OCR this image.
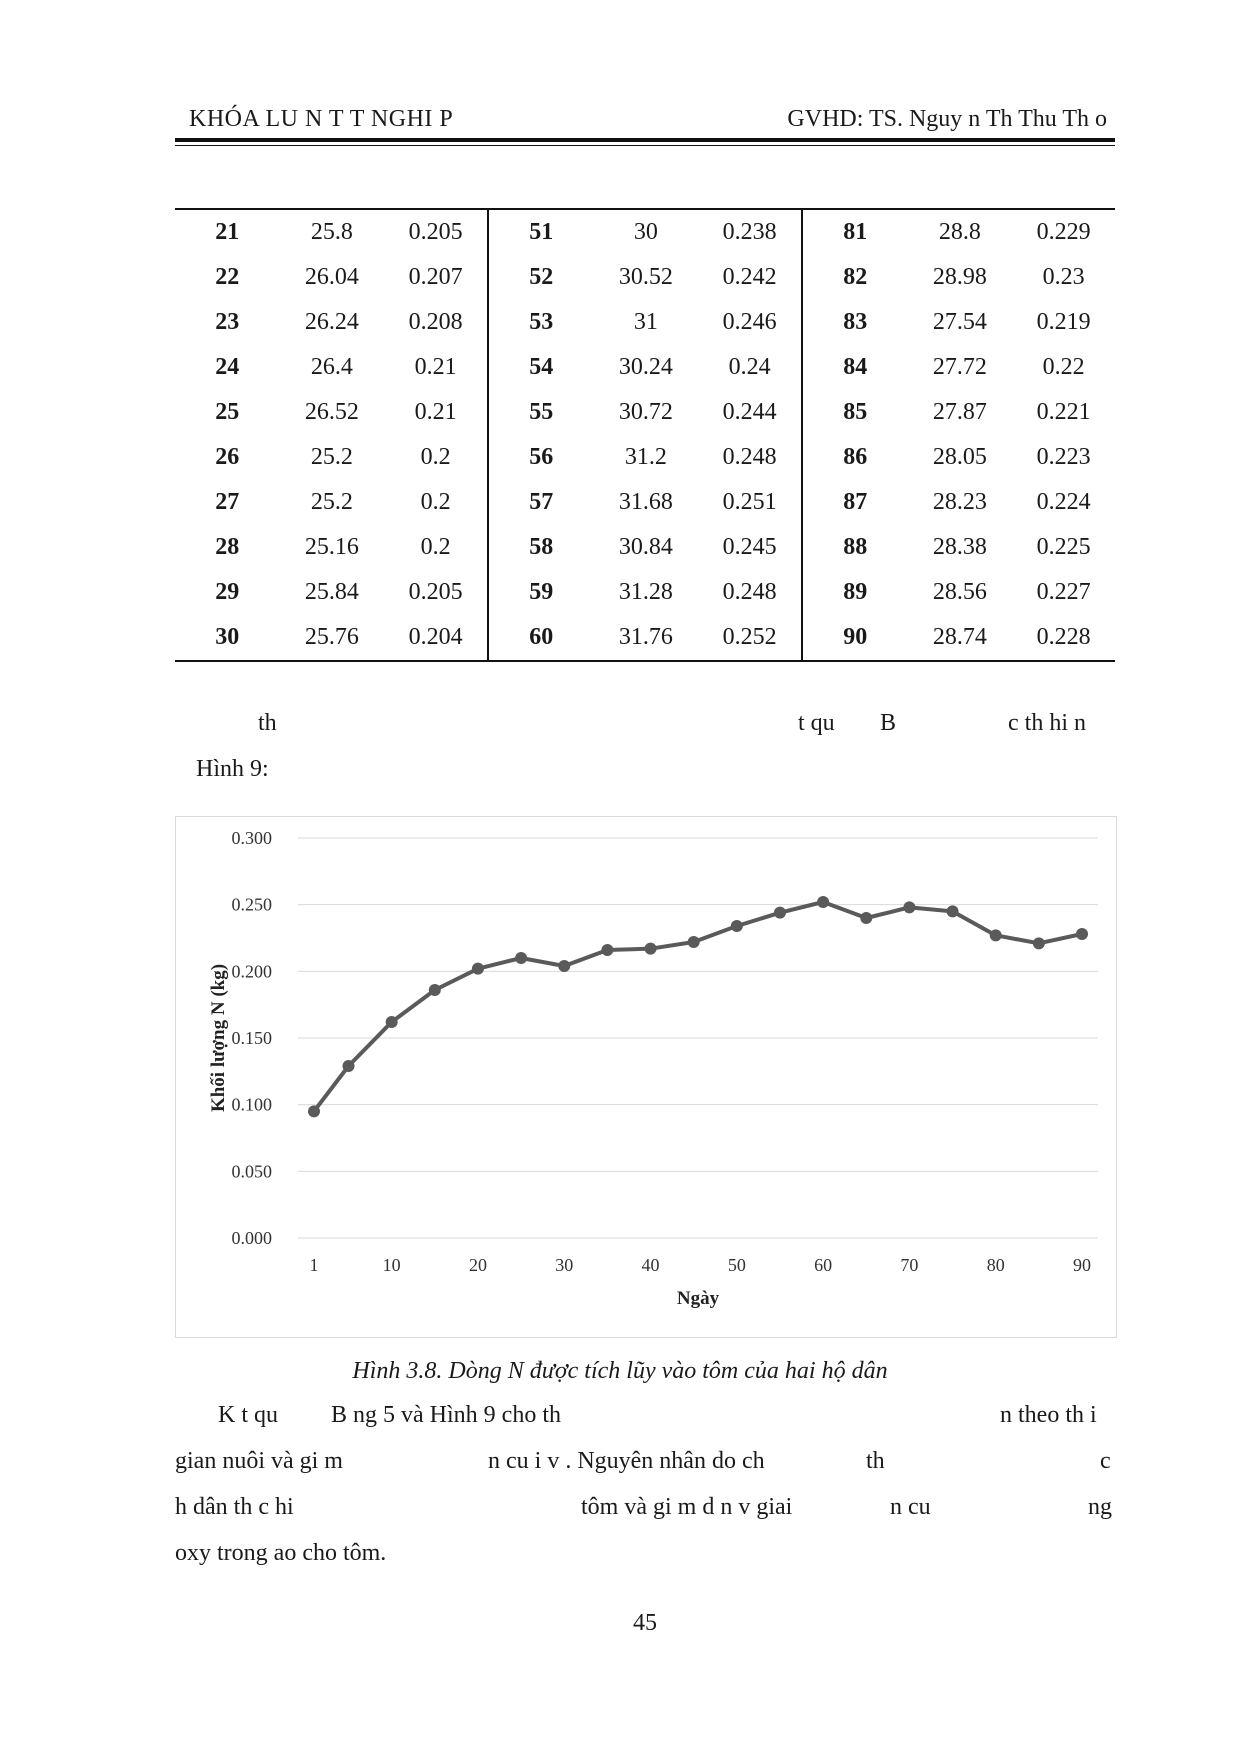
KHÓA LU N T T NGHI P	GVHD: TS. Nguy n Th Thu Th o
21	25.8	0.205	51	30	0.238	81	28.8	0.229
22	26.04	0.207	52	30.52	0.242	82	28.98	0.23
23	26.24	0.208	53	31	0.246	83	27.54	0.219
24	26.4	0.21	54	30.24	0.24	84	27.72	0.22
25	26.52	0.21	55	30.72	0.244	85	27.87	0.221
26	25.2	0.2	56	31.2	0.248	86	28.05	0.223
27	25.2	0.2	57	31.68	0.251	87	28.23	0.224
28	25.16	0.2	58	30.84	0.245	88	28.38	0.225
29	25.84	0.205	59	31.28	0.248	89	28.56	0.227
30	25.76	0.204	60	31.76	0.252	90	28.74	0.228
th	t qu B	c th hi n
Hình 9:
0.000
0.050
0.100
0.150
0.200
0.250
0.300
1	10	20	30	40	50	60	70	80	90
Ngày
Khối lượng N (kg)
Hình 3.8. Dòng N được tích lũy vào tôm của hai hộ dân
K t qu B ng 5 và Hình 9 cho th	n theo th i
gian nuôi và gi m	n cu i v . Nguyên nhân do ch	th	c
h dân th c hi	tôm và gi m d n v giai	n cu	ng
oxy trong ao cho tôm.
45
